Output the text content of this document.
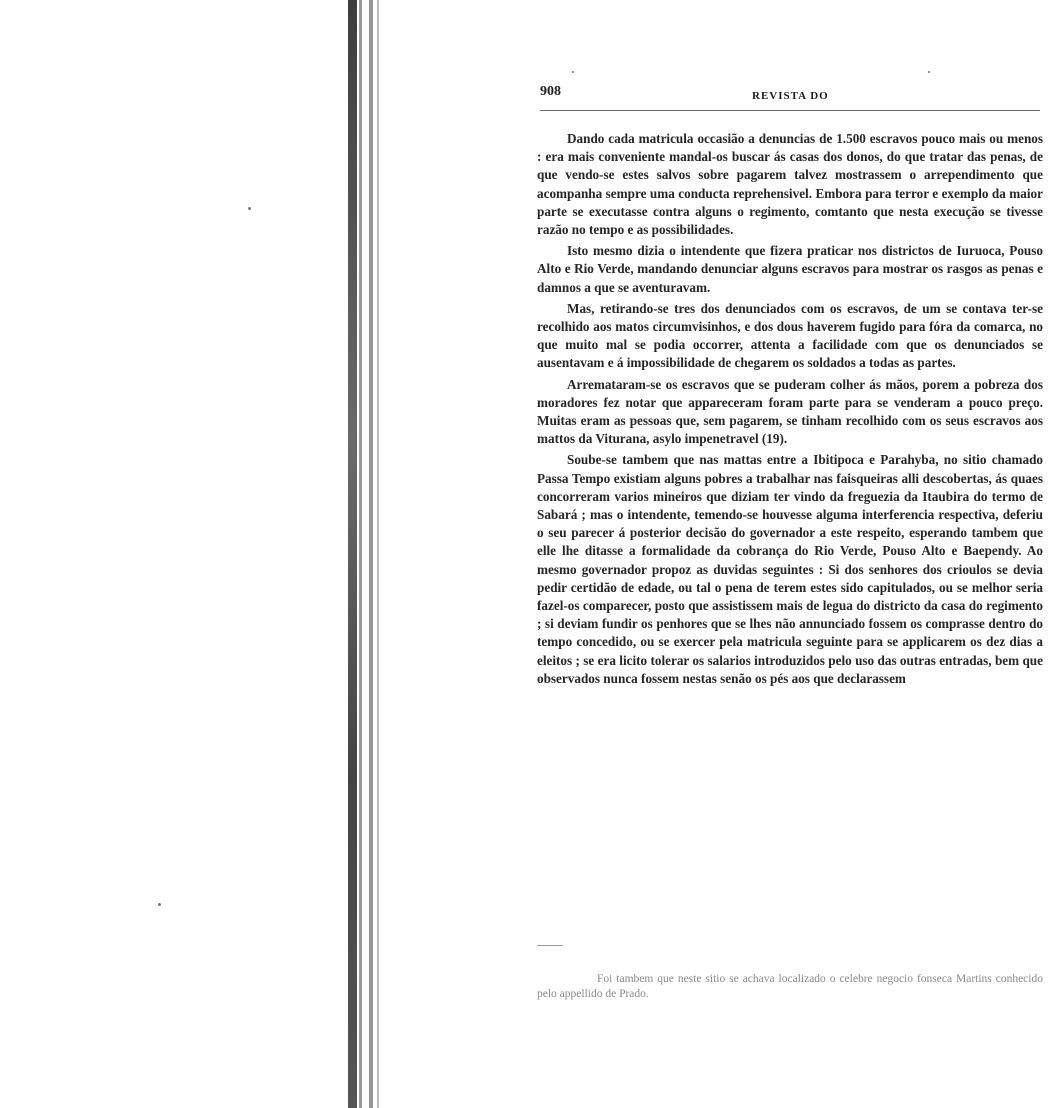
908	REVISTA DO

Dando cada matricula occasião a denuncias de 1.500 escravos pouco mais ou menos : era mais conveniente mandal-os buscar ás casas dos donos, do que tratar das penas, de que vendo-se estes salvos sobre pagarem talvez mostrassem o arrependimento que acompanha sempre uma conducta reprehensivel. Embora para terror e exemplo da maior parte se executasse contra alguns o regimento, comtanto que nesta execução se tivesse razão no tempo e as possibilidades.

Isto mesmo dizia o intendente que fizera praticar nos districtos de Iuruoca, Pouso Alto e Rio Verde, mandando denunciar alguns escravos para mostrar os rasgos as penas e damnos a que se aventuravam.

Mas, retirando-se tres dos denunciados com os escravos, de um se contava ter-se recolhido aos matos circumvisinhos, e dos dous haverem fugido para fóra da comarca, no que muito mal se podia occorrer, attenta a facilidade com que os denunciados se ausentavam e á impossibilidade de chegarem os soldados a todas as partes.

Arremataram-se os escravos que se puderam colher ás mãos, porem a pobreza dos moradores fez notar que appareceram foram parte para se venderam a pouco preço. Muitas eram as pessoas que, sem pagarem, se tinham recolhido com os seus escravos aos mattos da Viturana, asylo impenetravel (19).

Soube-se tambem que nas mattas entre a Ibitipoca e Parahyba, no sitio chamado Passa Tempo existiam alguns pobres a trabalhar nas faisqueiras alli descobertas, ás quaes concorreram varios mineiros que diziam ter vindo da freguezia da Itaubira do termo de Sabará ; mas o intendente, temendo-se houvesse alguma interferencia respectiva, deferiu o seu parecer á posterior decisão do governador a este respeito, esperando tambem que elle lhe ditasse a formalidade da cobrança do Rio Verde, Pouso Alto e Baependy. Ao mesmo governador propoz as duvidas seguintes : Si dos senhores dos crioulos se devia pedir certidão de edade, ou tal o pena de terem estes sido capitulados, ou se melhor seria fazel-os comparecer, posto que assistissem mais de legua do districto da casa do regimento ; si deviam fundir os penhores que se lhes não annunciado fossem os comprasse dentro do tempo concedido, ou se exercer pela matricula seguinte para se applicarem os dez dias a eleitos ; se era licito tolerar os salarios introduzidos pelo uso das outras entradas, bem que observados nunca fossem nestas senão os pés aos que declarassem

Foi tambem que neste sitio se achava localizado o celebre negocio fonseca Martins conhecido pelo appellido de Prado.
